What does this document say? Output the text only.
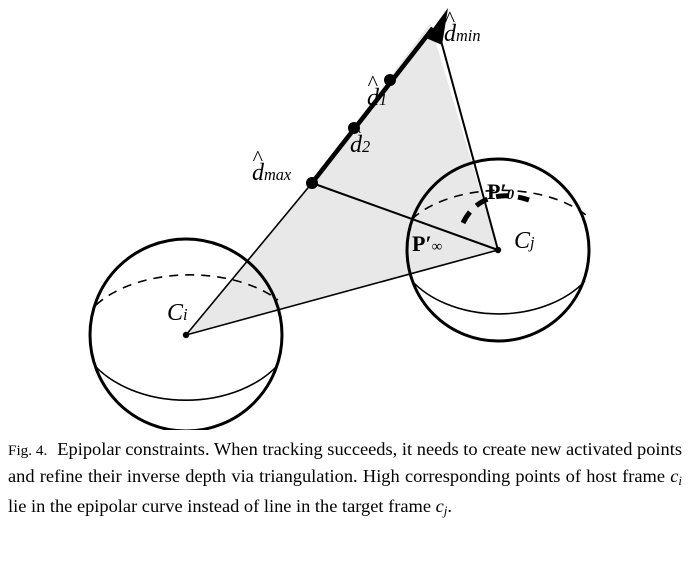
^ dmin
^ d1
^ d2
^ dmax
P′0
P′∞
Ci
Cj
Fig. 4. Epipolar constraints. When tracking succeeds, it needs to create new activated points and refine their inverse depth via triangulation. High corresponding points of host frame $c_i$ lie in the epipolar curve instead of line in the target frame $c_j$.
